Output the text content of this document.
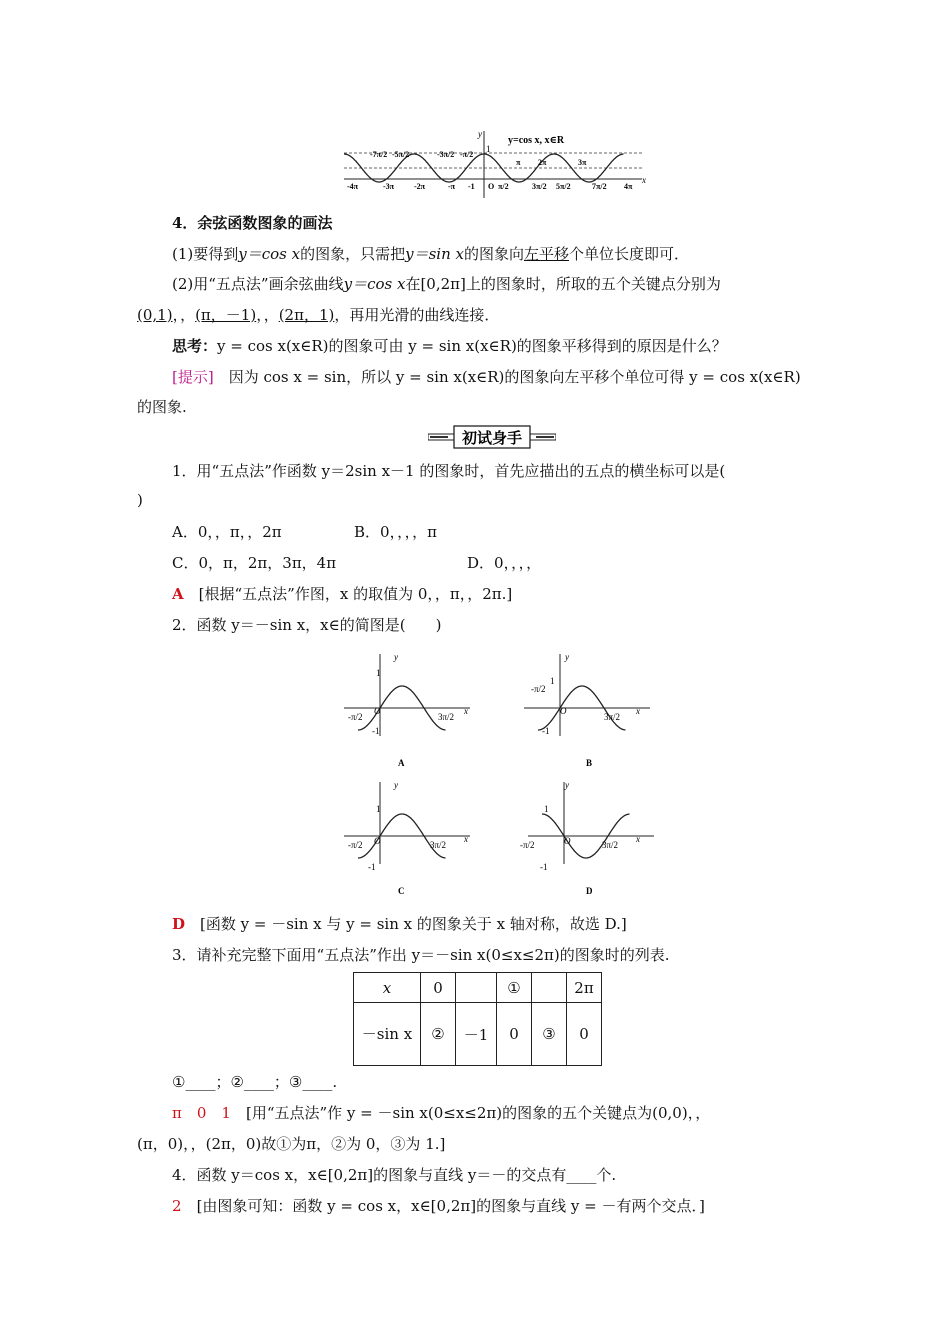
y=cos x, x∈R
y
x
1
-7π/2 -5π/2	-3π/2 -π/2
π 2π	3π
-4π	-3π -2π	-π -1 O π/2	3π/2 5π/2	7π/2 4π
4．余弦函数图象的画法
(1)要得到y＝cos x的图象，只需把y＝sin x的图象向左平移个单位长度即可．
(2)用“五点法”画余弦曲线y＝cos x在[0,2π]上的图象时，所取的五个关键点分别为
(0,1)，，(π，－1)，，(2π，1)，再用光滑的曲线连接．
思考：y = cos x(x∈R)的图象可由 y = sin x(x∈R)的图象平移得到的原因是什么？
[提示]　 因为 cos x = sin，所以 y = sin x(x∈R)的图象向左平移个单位可得 y = cos x(x∈R)
的图象.
初试身手
1．用“五点法”作函数 y＝2sin x－1 的图象时，首先应描出的五点的横坐标可以是(
)
A．0，，π，，2π	B．0，，，，π
C．0，π，2π，3π，4π	D．0，，，，
A　 [根据“五点法”作图，x 的取值为 0，，π，，2π.]
2．函数 y＝－sin x，x∈的简图是(　　)
y
1
O
-1
-π/2	3π/2
x
A
y
1
-π/2
O
-1
3π/2
x
B
y
1
-π/2 O
-1
3π/2
x
C
y
1
-π/2	O
-1
3π/2
x
D
D　 [函数 y = －sin x 与 y = sin x 的图象关于 x 轴对称，故选 D.]
3．请补充完整下面用“五点法”作出 y＝－sin x(0≤x≤2π)的图象时的列表.
x	0		①		2π
－sin x	②	－1	0	③	0
①____；②____；③____.
π　0　1　 [用“五点法”作 y = －sin x(0≤x≤2π)的图象的五个关键点为(0,0)，，
(π，0)，，(2π，0)故①为π，②为 0，③为 1.]
4．函数 y＝cos x，x∈[0,2π]的图象与直线 y＝－的交点有____个.
2　 [由图象可知：函数 y = cos x，x∈[0,2π]的图象与直线 y = －有两个交点．]
